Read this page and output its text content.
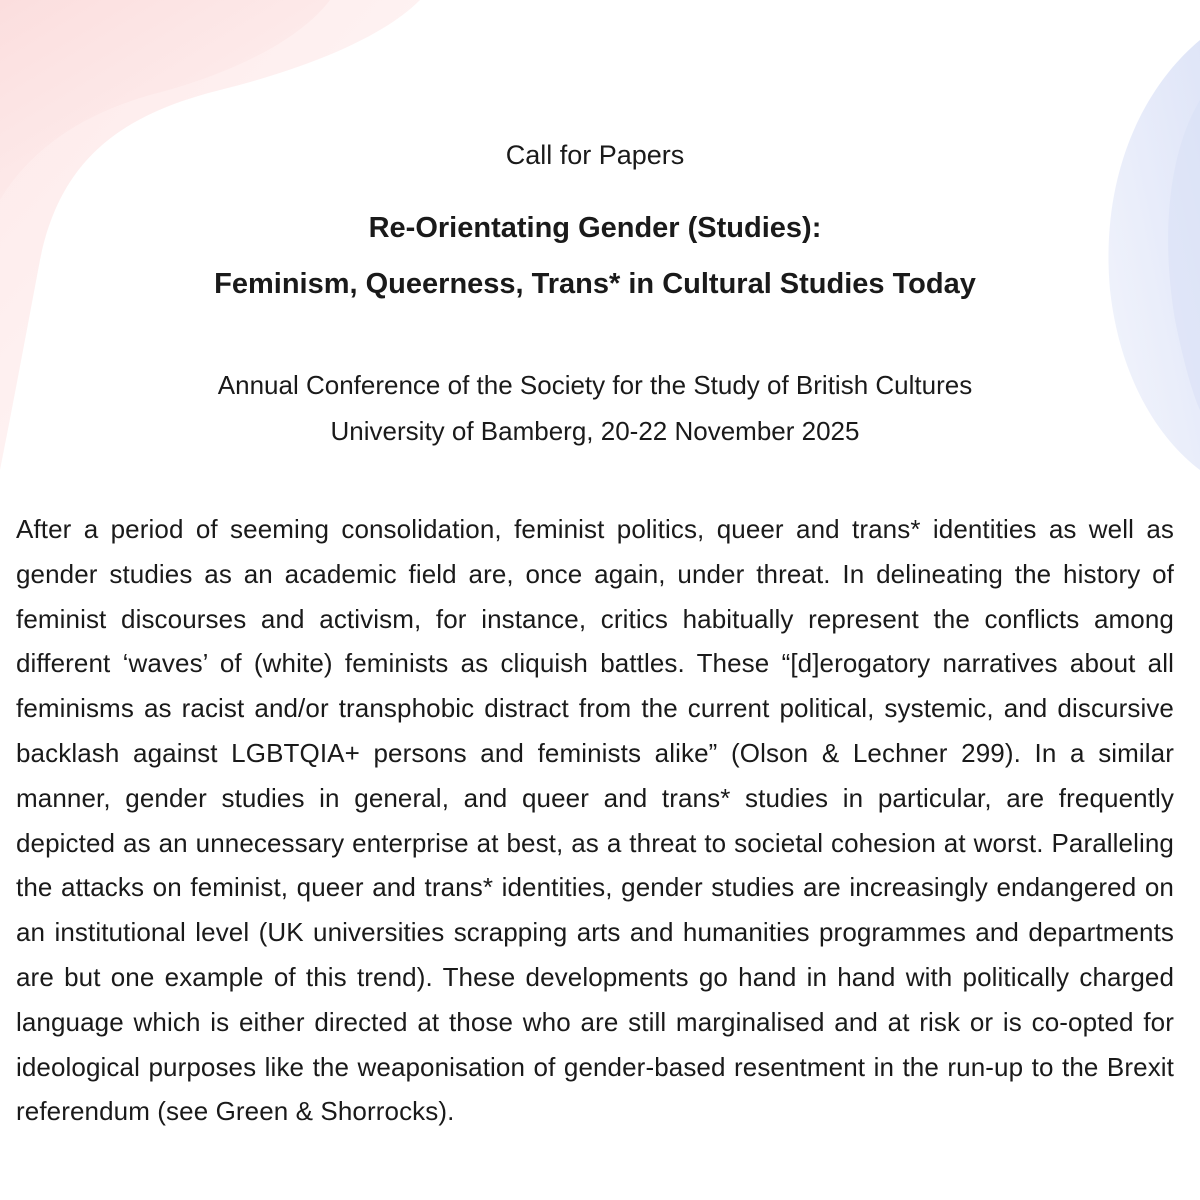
Call for Papers

Re-Orientating Gender (Studies):
Feminism, Queerness, Trans* in Cultural Studies Today
Annual Conference of the Society for the Study of British Cultures
University of Bamberg, 20-22 November 2025

After a period of seeming consolidation, feminist politics, queer and trans* identities as well as gender studies as an academic field are, once again, under threat. In delineating the history of feminist discourses and activism, for instance, critics habitually represent the conflicts among different ‘waves’ of (white) feminists as cliquish battles. These “[d]erogatory narratives about all feminisms as racist and/or transphobic distract from the current political, systemic, and discursive backlash against LGBTQIA+ persons and feminists alike” (Olson & Lechner 299). In a similar manner, gender studies in general, and queer and trans* studies in particular, are frequently depicted as an unnecessary enterprise at best, as a threat to societal cohesion at worst. Paralleling the attacks on feminist, queer and trans* identities, gender studies are increasingly endangered on an institutional level (UK universities scrapping arts and humanities programmes and departments are but one example of this trend). These developments go hand in hand with politically charged language which is either directed at those who are still marginalised and at risk or is co-opted for ideological purposes like the weaponisation of gender-based resentment in the run-up to the Brexit referendum (see Green & Shorrocks).
